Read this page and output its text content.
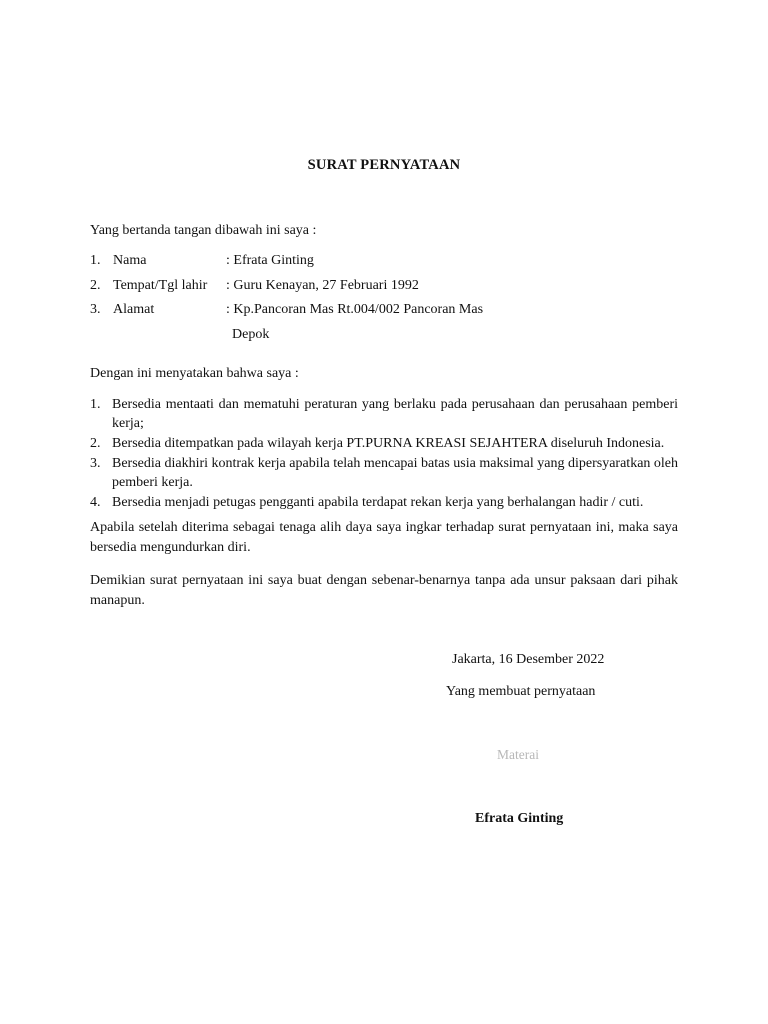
SURAT PERNYATAAN
Yang bertanda tangan dibawah ini saya :
1. Nama	: Efrata Ginting
2. Tempat/Tgl lahir	: Guru Kenayan, 27 Februari 1992
3. Alamat	: Kp.Pancoran Mas Rt.004/002 Pancoran Mas
Depok
Dengan ini menyatakan bahwa saya :
1. Bersedia mentaati dan mematuhi peraturan yang berlaku pada perusahaan dan perusahaan pemberi kerja;
2. Bersedia ditempatkan pada wilayah kerja PT.PURNA KREASI SEJAHTERA diseluruh Indonesia.
3. Bersedia diakhiri kontrak kerja apabila telah mencapai batas usia maksimal yang dipersyaratkan oleh pemberi kerja.
4. Bersedia menjadi petugas pengganti apabila terdapat rekan kerja yang berhalangan hadir / cuti.
Apabila setelah diterima sebagai tenaga alih daya saya ingkar terhadap surat pernyataan ini, maka saya bersedia mengundurkan diri.
Demikian surat pernyataan ini saya buat dengan sebenar-benarnya tanpa ada unsur paksaan dari pihak manapun.
Jakarta, 16 Desember 2022
Yang membuat pernyataan
Materai
Efrata Ginting
